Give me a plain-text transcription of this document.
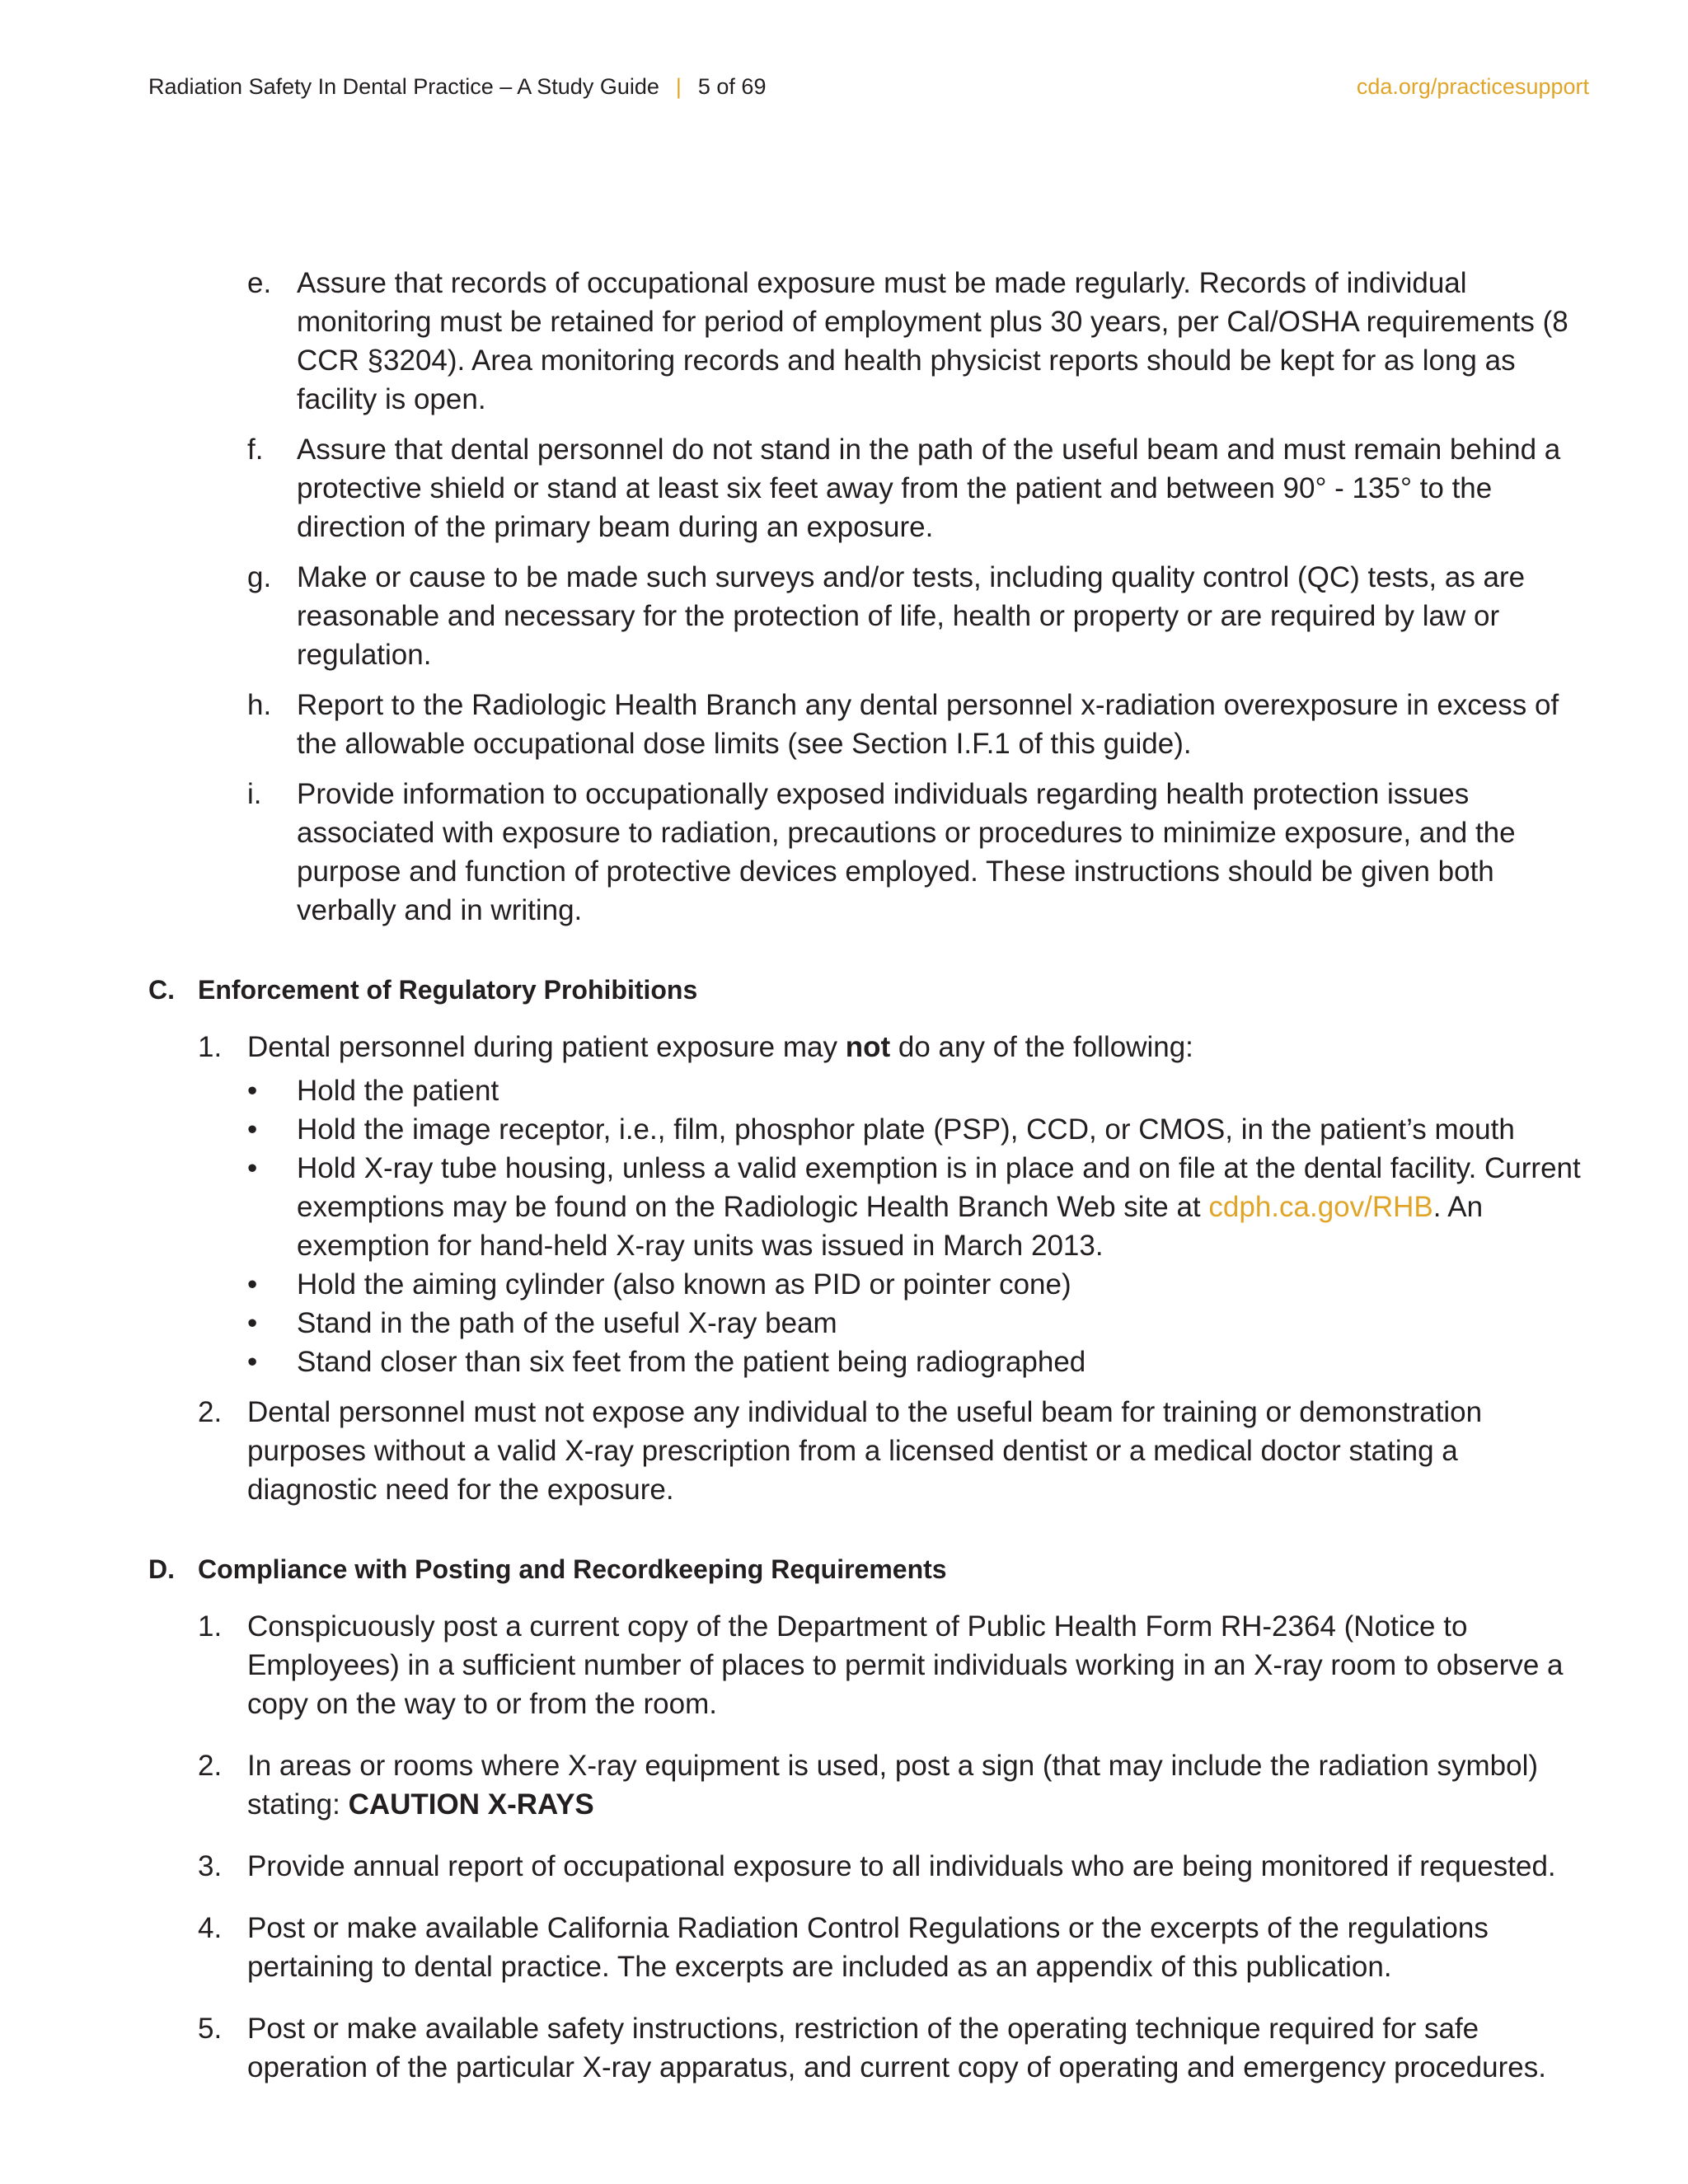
Radiation Safety In Dental Practice – A Study Guide | 5 of 69	cda.org/practicesupport
e. Assure that records of occupational exposure must be made regularly. Records of individual monitoring must be retained for period of employment plus 30 years, per Cal/OSHA requirements (8 CCR §3204). Area monitoring records and health physicist reports should be kept for as long as facility is open.
f.	Assure that dental personnel do not stand in the path of the useful beam and must remain behind a protective shield or stand at least six feet away from the patient and between 90° - 135° to the direction of the primary beam during an exposure.
g. Make or cause to be made such surveys and/or tests, including quality control (QC) tests, as are reasonable and necessary for the protection of life, health or property or are required by law or regulation.
h. Report to the Radiologic Health Branch any dental personnel x-radiation overexposure in excess of the allowable occupational dose limits (see Section I.F.1 of this guide).
i.	Provide information to occupationally exposed individuals regarding health protection issues associated with exposure to radiation, precautions or procedures to minimize exposure, and the purpose and function of protective devices employed. These instructions should be given both verbally and in writing.
C. Enforcement of Regulatory Prohibitions
1. Dental personnel during patient exposure may not do any of the following:
•	Hold the patient
•	Hold the image receptor, i.e., film, phosphor plate (PSP), CCD, or CMOS, in the patient’s mouth
•	Hold X-ray tube housing, unless a valid exemption is in place and on file at the dental facility. Current exemptions may be found on the Radiologic Health Branch Web site at cdph.ca.gov/RHB. An exemption for hand-held X-ray units was issued in March 2013.
•	Hold the aiming cylinder (also known as PID or pointer cone)
•	Stand in the path of the useful X-ray beam
•	Stand closer than six feet from the patient being radiographed
2. Dental personnel must not expose any individual to the useful beam for training or demonstration purposes without a valid X-ray prescription from a licensed dentist or a medical doctor stating a diagnostic need for the exposure.
D. Compliance with Posting and Recordkeeping Requirements
1. Conspicuously post a current copy of the Department of Public Health Form RH-2364 (Notice to Employees) in a sufficient number of places to permit individuals working in an X-ray room to observe a copy on the way to or from the room.
2. In areas or rooms where X-ray equipment is used, post a sign (that may include the radiation symbol) stating: CAUTION X-RAYS
3. Provide annual report of occupational exposure to all individuals who are being monitored if requested.
4. Post or make available California Radiation Control Regulations or the excerpts of the regulations pertaining to dental practice. The excerpts are included as an appendix of this publication.
5. Post or make available safety instructions, restriction of the operating technique required for safe operation of the particular X-ray apparatus, and current copy of operating and emergency procedures.
